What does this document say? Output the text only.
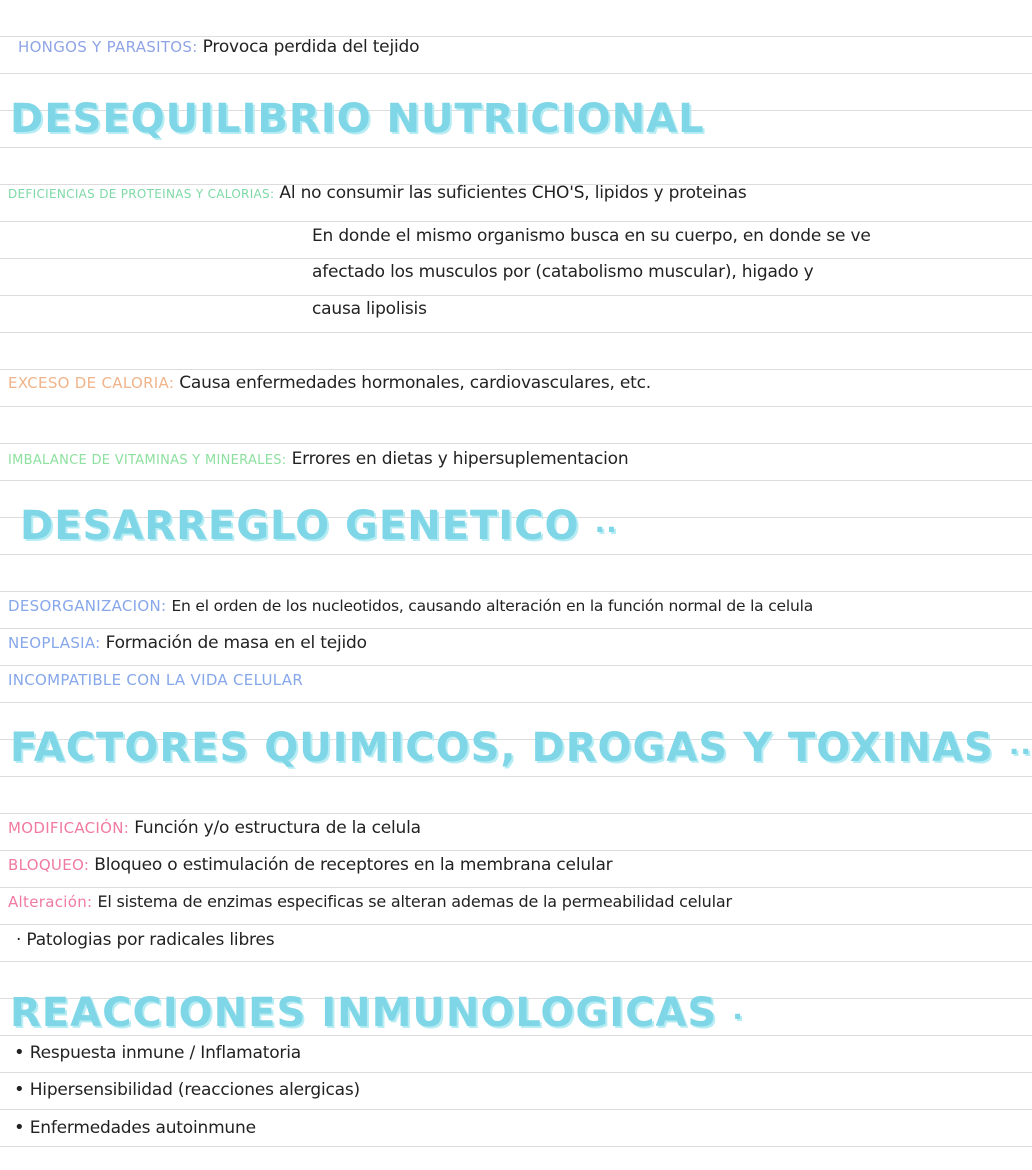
HONGOS Y PARASITOS: Provoca perdida del tejido
DESEQUILIBRIO NUTRICIONAL
DEFICIENCIAS DE PROTEINAS Y CALORIAS: Al no consumir las suficientes CHO'S, lipidos y proteinas
En donde el mismo organismo busca en su cuerpo, en donde se ve
afectado los musculos por (catabolismo muscular), higado y
causa lipolisis
EXCESO DE CALORIA: Causa enfermedades hormonales, cardiovasculares, etc.
IMBALANCE DE VITAMINAS Y MINERALES: Errores en dietas y hipersuplementacion
DESARREGLO GENETICO ··
DESORGANIZACION: En el orden de los nucleotidos, causando alteración en la función normal de la celula
NEOPLASIA: Formación de masa en el tejido
INCOMPATIBLE CON LA VIDA CELULAR
FACTORES QUIMICOS, DROGAS Y TOXINAS ··
MODIFICACIÓN: Función y/o estructura de la celula
BLOQUEO: Bloqueo o estimulación de receptores en la membrana celular
Alteración: El sistema de enzimas especificas se alteran ademas de la permeabilidad celular
· Patologias por radicales libres
REACCIONES INMUNOLOGICAS ·
• Respuesta inmune / Inflamatoria
• Hipersensibilidad (reacciones alergicas)
• Enfermedades autoinmune
